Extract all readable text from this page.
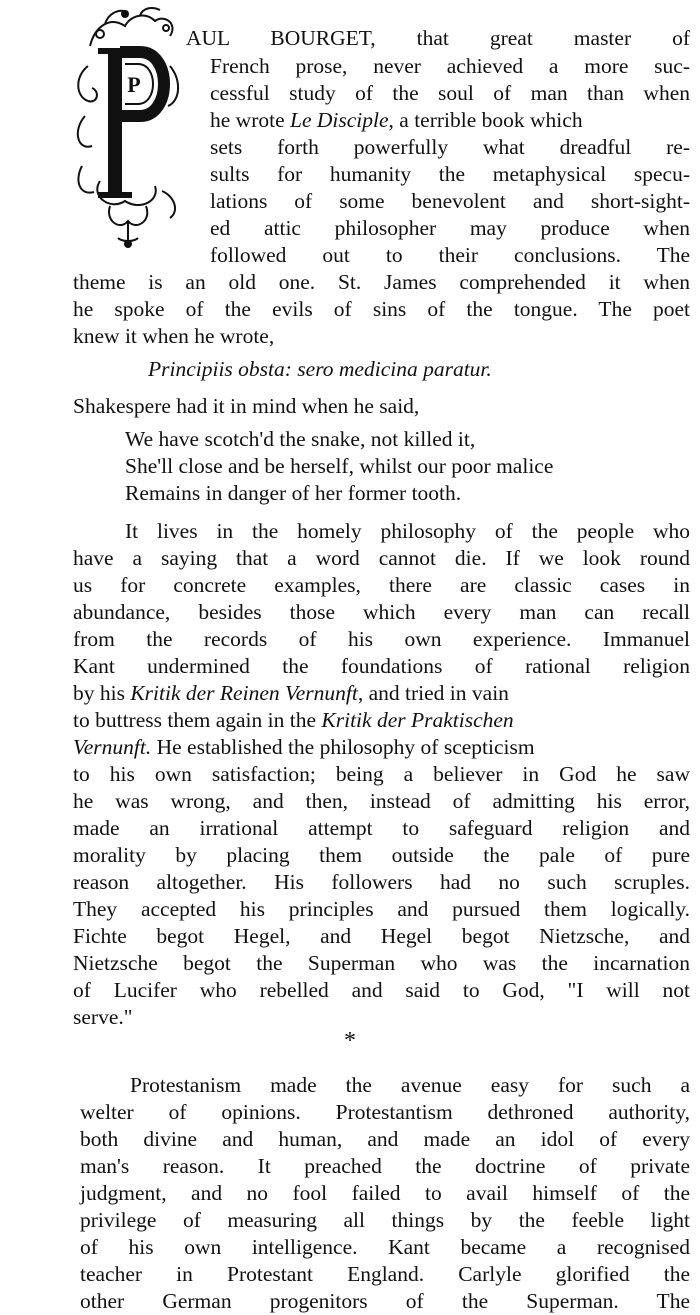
P
AUL BOURGET, that great master of
French prose, never achieved a more suc-
cessful study of the soul of man than when
he wrote Le Disciple, a terrible book which
sets forth powerfully what dreadful re-
sults for humanity the metaphysical specu-
lations of some benevolent and short-sight-
ed attic philosopher may produce when
followed out to their conclusions. The
theme is an old one. St. James comprehended it when
he spoke of the evils of sins of the tongue. The poet
knew it when he wrote,
Principiis obsta: sero medicina paratur.
Shakespere had it in mind when he said,
We have scotch'd the snake, not killed it,
She'll close and be herself, whilst our poor malice
Remains in danger of her former tooth.
It lives in the homely philosophy of the people who
have a saying that a word cannot die. If we look round
us for concrete examples, there are classic cases in
abundance, besides those which every man can recall
from the records of his own experience. Immanuel
Kant undermined the foundations of rational religion
by his Kritik der Reinen Vernunft, and tried in vain
to buttress them again in the Kritik der Praktischen
Vernunft. He established the philosophy of scepticism
to his own satisfaction; being a believer in God he saw
he was wrong, and then, instead of admitting his error,
made an irrational attempt to safeguard religion and
morality by placing them outside the pale of pure
reason altogether. His followers had no such scruples.
They accepted his principles and pursued them logically.
Fichte begot Hegel, and Hegel begot Nietzsche, and
Nietzsche begot the Superman who was the incarnation
of Lucifer who rebelled and said to God, "I will not
serve."
*
Protestanism made the avenue easy for such a
welter of opinions. Protestantism dethroned authority,
both divine and human, and made an idol of every
man's reason. It preached the doctrine of private
judgment, and no fool failed to avail himself of the
privilege of measuring all things by the feeble light
of his own intelligence. Kant became a recognised
teacher in Protestant England. Carlyle glorified the
other German progenitors of the Superman. The
